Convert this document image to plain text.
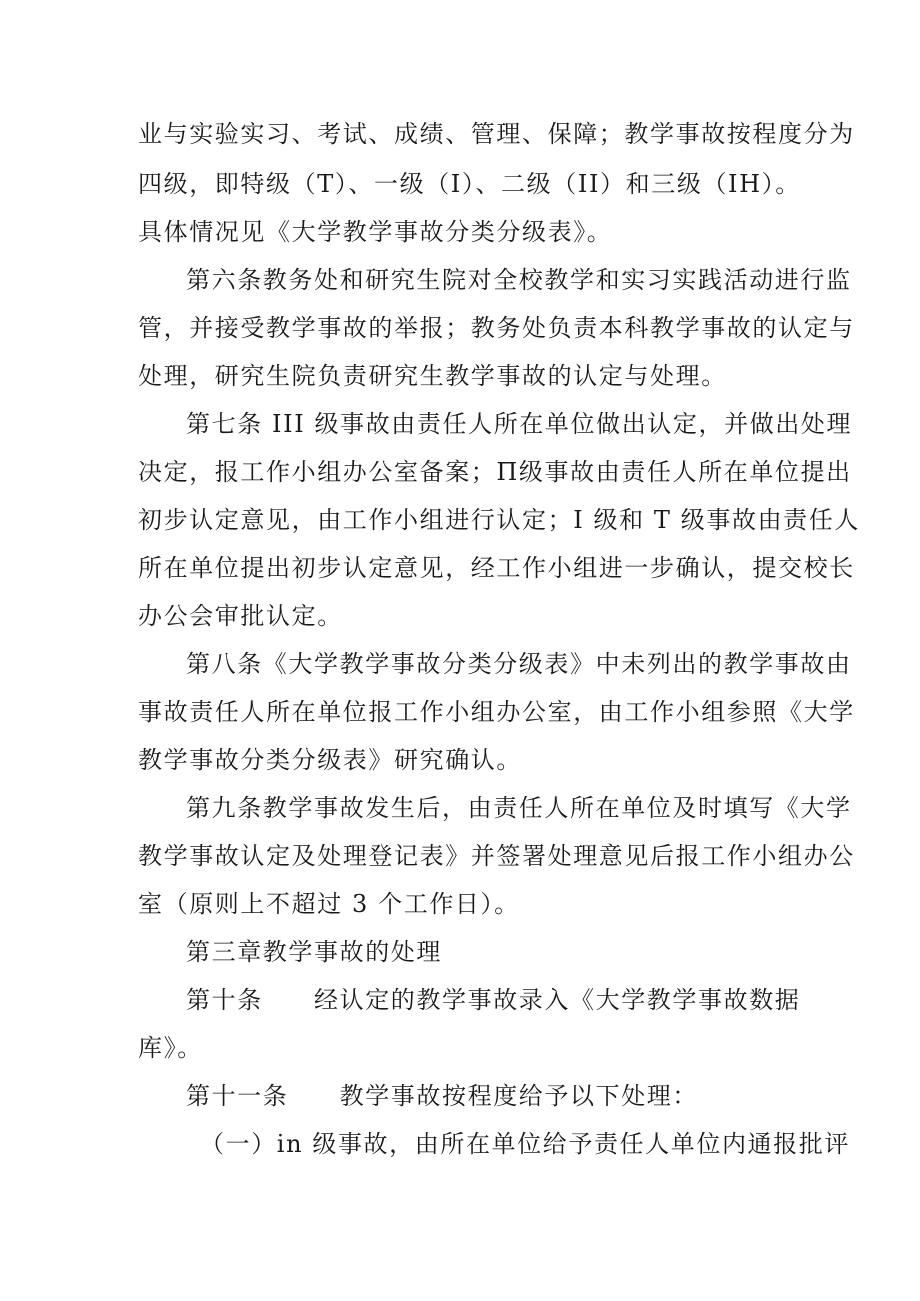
业与实验实习、考试、成绩、管理、保障；教学事故按程度分为
四级，即特级（T）、一级（I）、二级（II）和三级（IH）。
具体情况见《大学教学事故分类分级表》。
第六条教务处和研究生院对全校教学和实习实践活动进行监
管，并接受教学事故的举报；教务处负责本科教学事故的认定与
处理，研究生院负责研究生教学事故的认定与处理。
第七条 III 级事故由责任人所在单位做出认定，并做出处理
决定，报工作小组办公室备案；Π级事故由责任人所在单位提出
初步认定意见，由工作小组进行认定；I 级和 T 级事故由责任人
所在单位提出初步认定意见，经工作小组进一步确认，提交校长
办公会审批认定。
第八条《大学教学事故分类分级表》中未列出的教学事故由
事故责任人所在单位报工作小组办公室，由工作小组参照《大学
教学事故分类分级表》研究确认。
第九条教学事故发生后，由责任人所在单位及时填写《大学
教学事故认定及处理登记表》并签署处理意见后报工作小组办公
室（原则上不超过 3 个工作日）。
第三章教学事故的处理
第十条　　经认定的教学事故录入《大学教学事故数据
库》。
第十一条　　教学事故按程度给予以下处理：
（一）in 级事故，由所在单位给予责任人单位内通报批评
